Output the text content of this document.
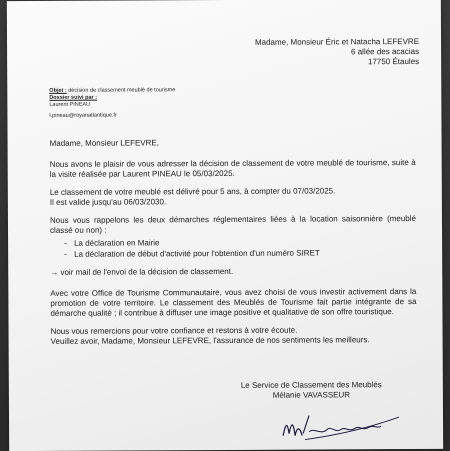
Madame, Monsieur Éric et Natacha LEFEVRE
6 allée des acacias
17750 Étaules
Objet : décision de classement meublé de tourisme
Dossier suivi par :
Laurent PINEAU
l.pineau@royanatlantique.fr

Madame, Monsieur LEFEVRE,

Nous avons le plaisir de vous adresser la décision de classement de votre meublé de tourisme, suite à la visite réalisée par Laurent PINEAU le 05/03/2025.

Le classement de votre meublé est délivré pour 5 ans, à compter du 07/03/2025.
Il est valide jusqu'au 06/03/2030.

Nous vous rappelons les deux démarches réglementaires liées à la location saisonnière (meublé classé ou non) :

- La déclaration en Mairie
- La déclaration de début d'activité pour l'obtention d'un numéro SIRET

→ voir mail de l'envoi de la décision de classement.

Avec votre Office de Tourisme Communautaire, vous avez choisi de vous investir activement dans la promotion de votre territoire. Le classement des Meublés de Tourisme fait partie intégrante de sa démarche qualité ; il contribue à diffuser une image positive et qualitative de son offre touristique.

Nous vous remercions pour votre confiance et restons à votre écoute.
Veuillez avoir, Madame, Monsieur LEFEVRE, l'assurance de nos sentiments les meilleurs.

Le Service de Classement des Meublés
Mélanie VAVASSEUR
